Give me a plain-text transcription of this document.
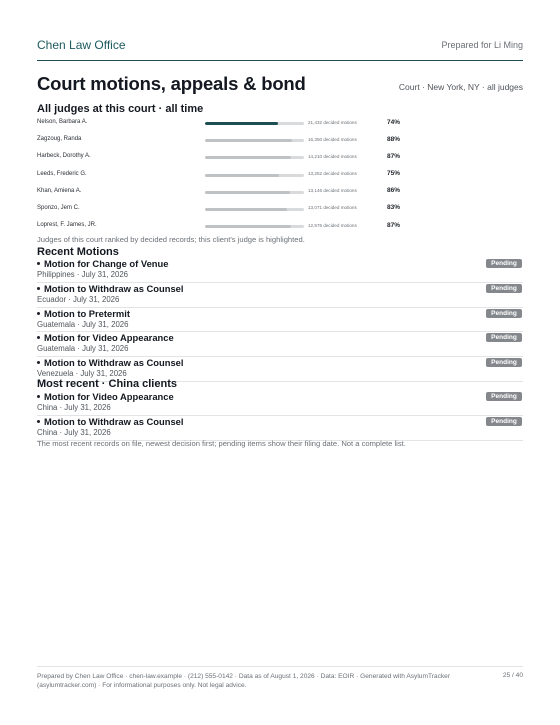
Chen Law Office	Prepared for Li Ming
Court motions, appeals & bond	Court · New York, NY · all judges
All judges at this court · all time
Nelson, Barbara A.	21,432 decided motions	74%
Zagzoug, Randa	16,350 decided motions	88%
Harbeck, Dorothy A.	14,210 decided motions	87%
Leeds, Frederic G.	13,252 decided motions	75%
Khan, Amiena A.	13,146 decided motions	86%
Sponzo, Jem C.	13,071 decided motions	83%
Loprest, F. James, JR.	12,576 decided motions	87%
Judges of this court ranked by decided records; this client's judge is highlighted.
Recent Motions
Motion for Change of Venue
Philippines · July 31, 2026
Pending
Motion to Withdraw as Counsel
Ecuador · July 31, 2026
Pending
Motion to Pretermit
Guatemala · July 31, 2026
Pending
Motion for Video Appearance
Guatemala · July 31, 2026
Pending
Motion to Withdraw as Counsel
Venezuela · July 31, 2026
Pending
Most recent · China clients
Motion for Video Appearance
China · July 31, 2026
Pending
Motion to Withdraw as Counsel
China · July 31, 2026
Pending
The most recent records on file, newest decision first; pending items show their filing date. Not a complete list.
Prepared by Chen Law Office · chen-law.example · (212) 555-0142 · Data as of August 1, 2026 · Data: EOIR · Generated with AsylumTracker (asylumtracker.com) · For informational purposes only. Not legal advice.
25 / 40
